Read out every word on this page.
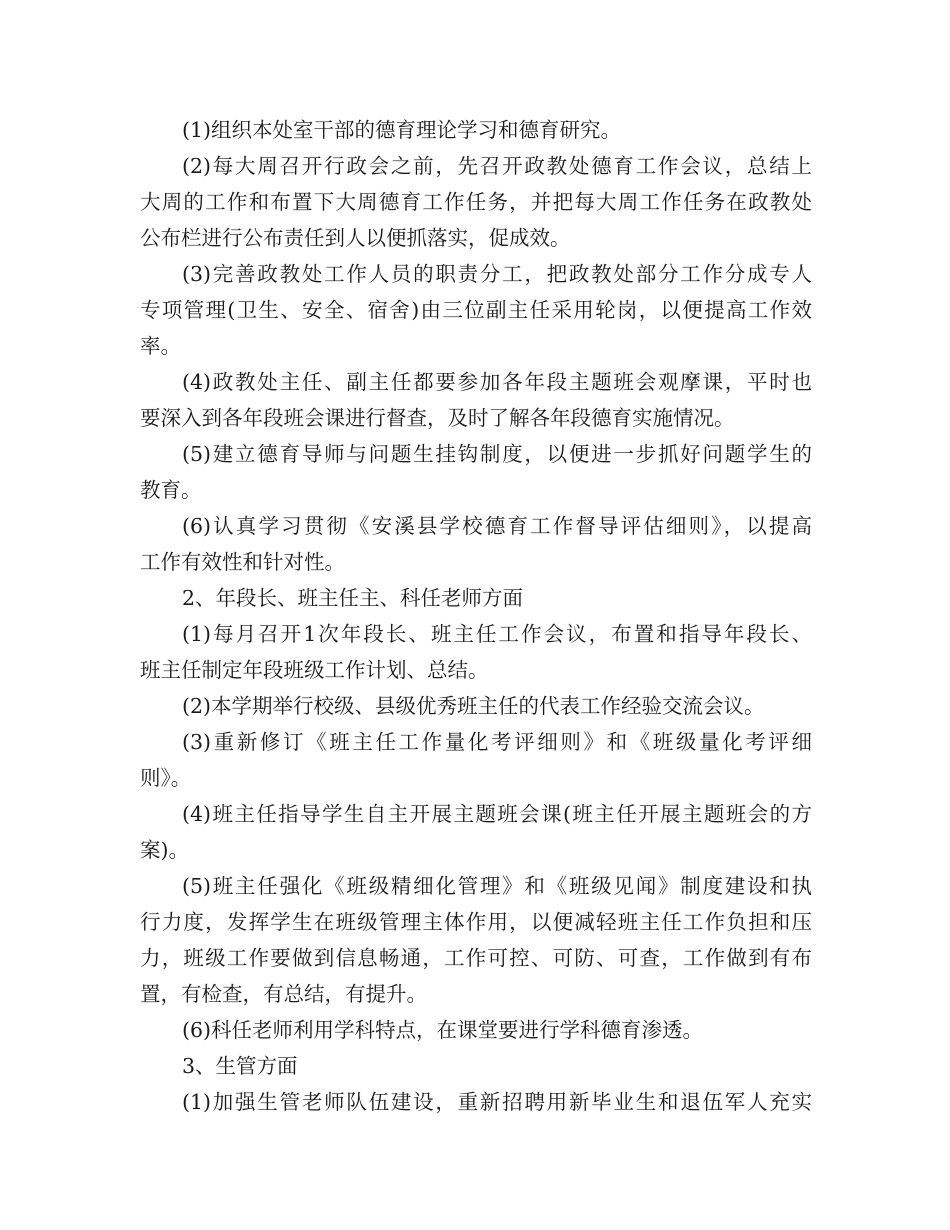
(1)组织本处室干部的德育理论学习和德育研究。
(2)每大周召开行政会之前，先召开政教处德育工作会议，总结上
大周的工作和布置下大周德育工作任务，并把每大周工作任务在政教处
公布栏进行公布责任到人以便抓落实，促成效。
(3)完善政教处工作人员的职责分工，把政教处部分工作分成专人
专项管理(卫生、安全、宿舍)由三位副主任采用轮岗，以便提高工作效
率。
(4)政教处主任、副主任都要参加各年段主题班会观摩课，平时也
要深入到各年段班会课进行督查，及时了解各年段德育实施情况。
(5)建立德育导师与问题生挂钩制度，以便进一步抓好问题学生的
教育。
(6)认真学习贯彻《安溪县学校德育工作督导评估细则》，以提高
工作有效性和针对性。
2、年段长、班主任主、科任老师方面
(1)每月召开1次年段长、班主任工作会议，布置和指导年段长、
班主任制定年段班级工作计划、总结。
(2)本学期举行校级、县级优秀班主任的代表工作经验交流会议。
(3)重新修订《班主任工作量化考评细则》和《班级量化考评细
则》。
(4)班主任指导学生自主开展主题班会课(班主任开展主题班会的方
案)。
(5)班主任强化《班级精细化管理》和《班级见闻》制度建设和执
行力度，发挥学生在班级管理主体作用，以便减轻班主任工作负担和压
力，班级工作要做到信息畅通，工作可控、可防、可查，工作做到有布
置，有检查，有总结，有提升。
(6)科任老师利用学科特点，在课堂要进行学科德育渗透。
3、生管方面
(1)加强生管老师队伍建设，重新招聘用新毕业生和退伍军人充实
